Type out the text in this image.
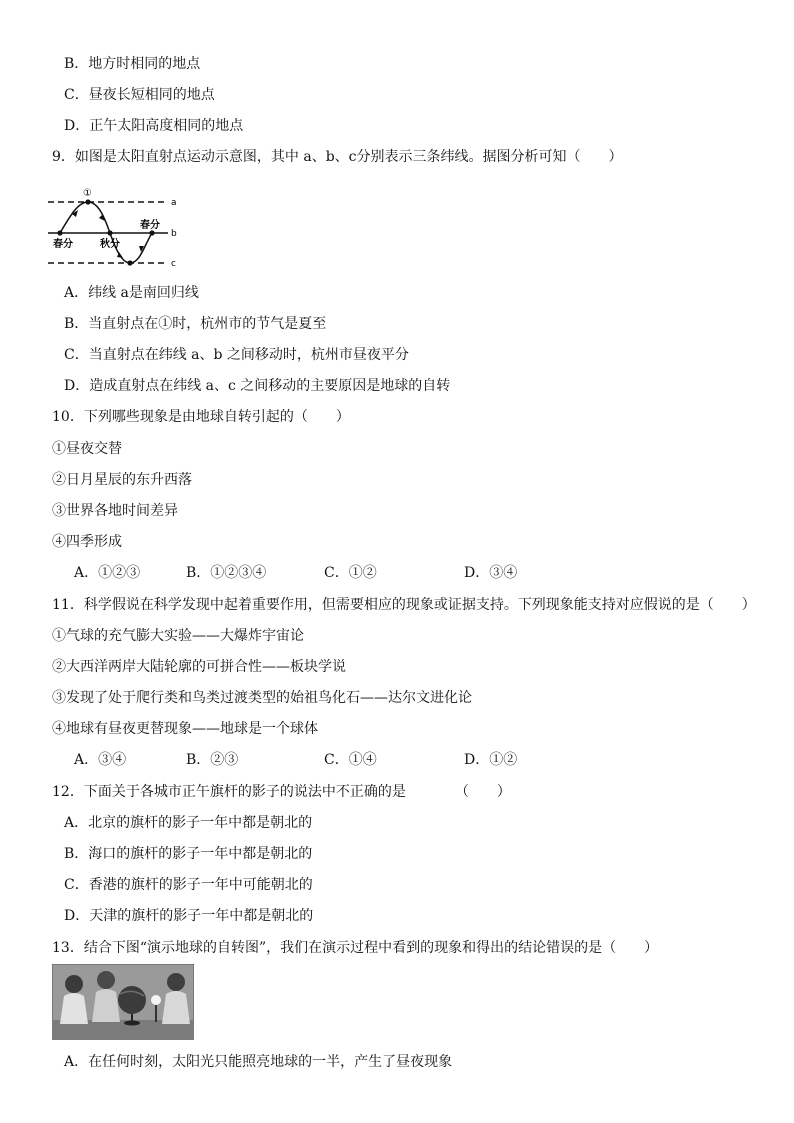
B．地方时相同的地点
C．昼夜长短相同的地点
D．正午太阳高度相同的地点
9．如图是太阳直射点运动示意图，其中 a、b、c分别表示三条纬线。据图分析可知（　　）
①
a
b
c
春分	秋分
春分
A．纬线 a是南回归线
B．当直射点在①时，杭州市的节气是夏至
C．当直射点在纬线 a、b 之间移动时，杭州市昼夜平分
D．造成直射点在纬线 a、c 之间移动的主要原因是地球的自转
10．下列哪些现象是由地球自转引起的（　　）
①昼夜交替
②日月星辰的东升西落
③世界各地时间差异
④四季形成
A．①②③	B．①②③④	C．①②	D．③④
11．科学假说在科学发现中起着重要作用，但需要相应的现象或证据支持。下列现象能支持对应假说的是（　　）
①气球的充气膨大实验——大爆炸宇宙论
②大西洋两岸大陆轮廓的可拼合性——板块学说
③发现了处于爬行类和鸟类过渡类型的始祖鸟化石——达尔文进化论
④地球有昼夜更替现象——地球是一个球体
A．③④	B．②③	C．①④	D．①②
12．下面关于各城市正午旗杆的影子的说法中不正确的是　　　　（　　）
A．北京的旗杆的影子一年中都是朝北的
B．海口的旗杆的影子一年中都是朝北的
C．香港的旗杆的影子一年中可能朝北的
D．天津的旗杆的影子一年中都是朝北的
13．结合下图“演示地球的自转图”，我们在演示过程中看到的现象和得出的结论错误的是（　　）
A．在任何时刻，太阳光只能照亮地球的一半，产生了昼夜现象
